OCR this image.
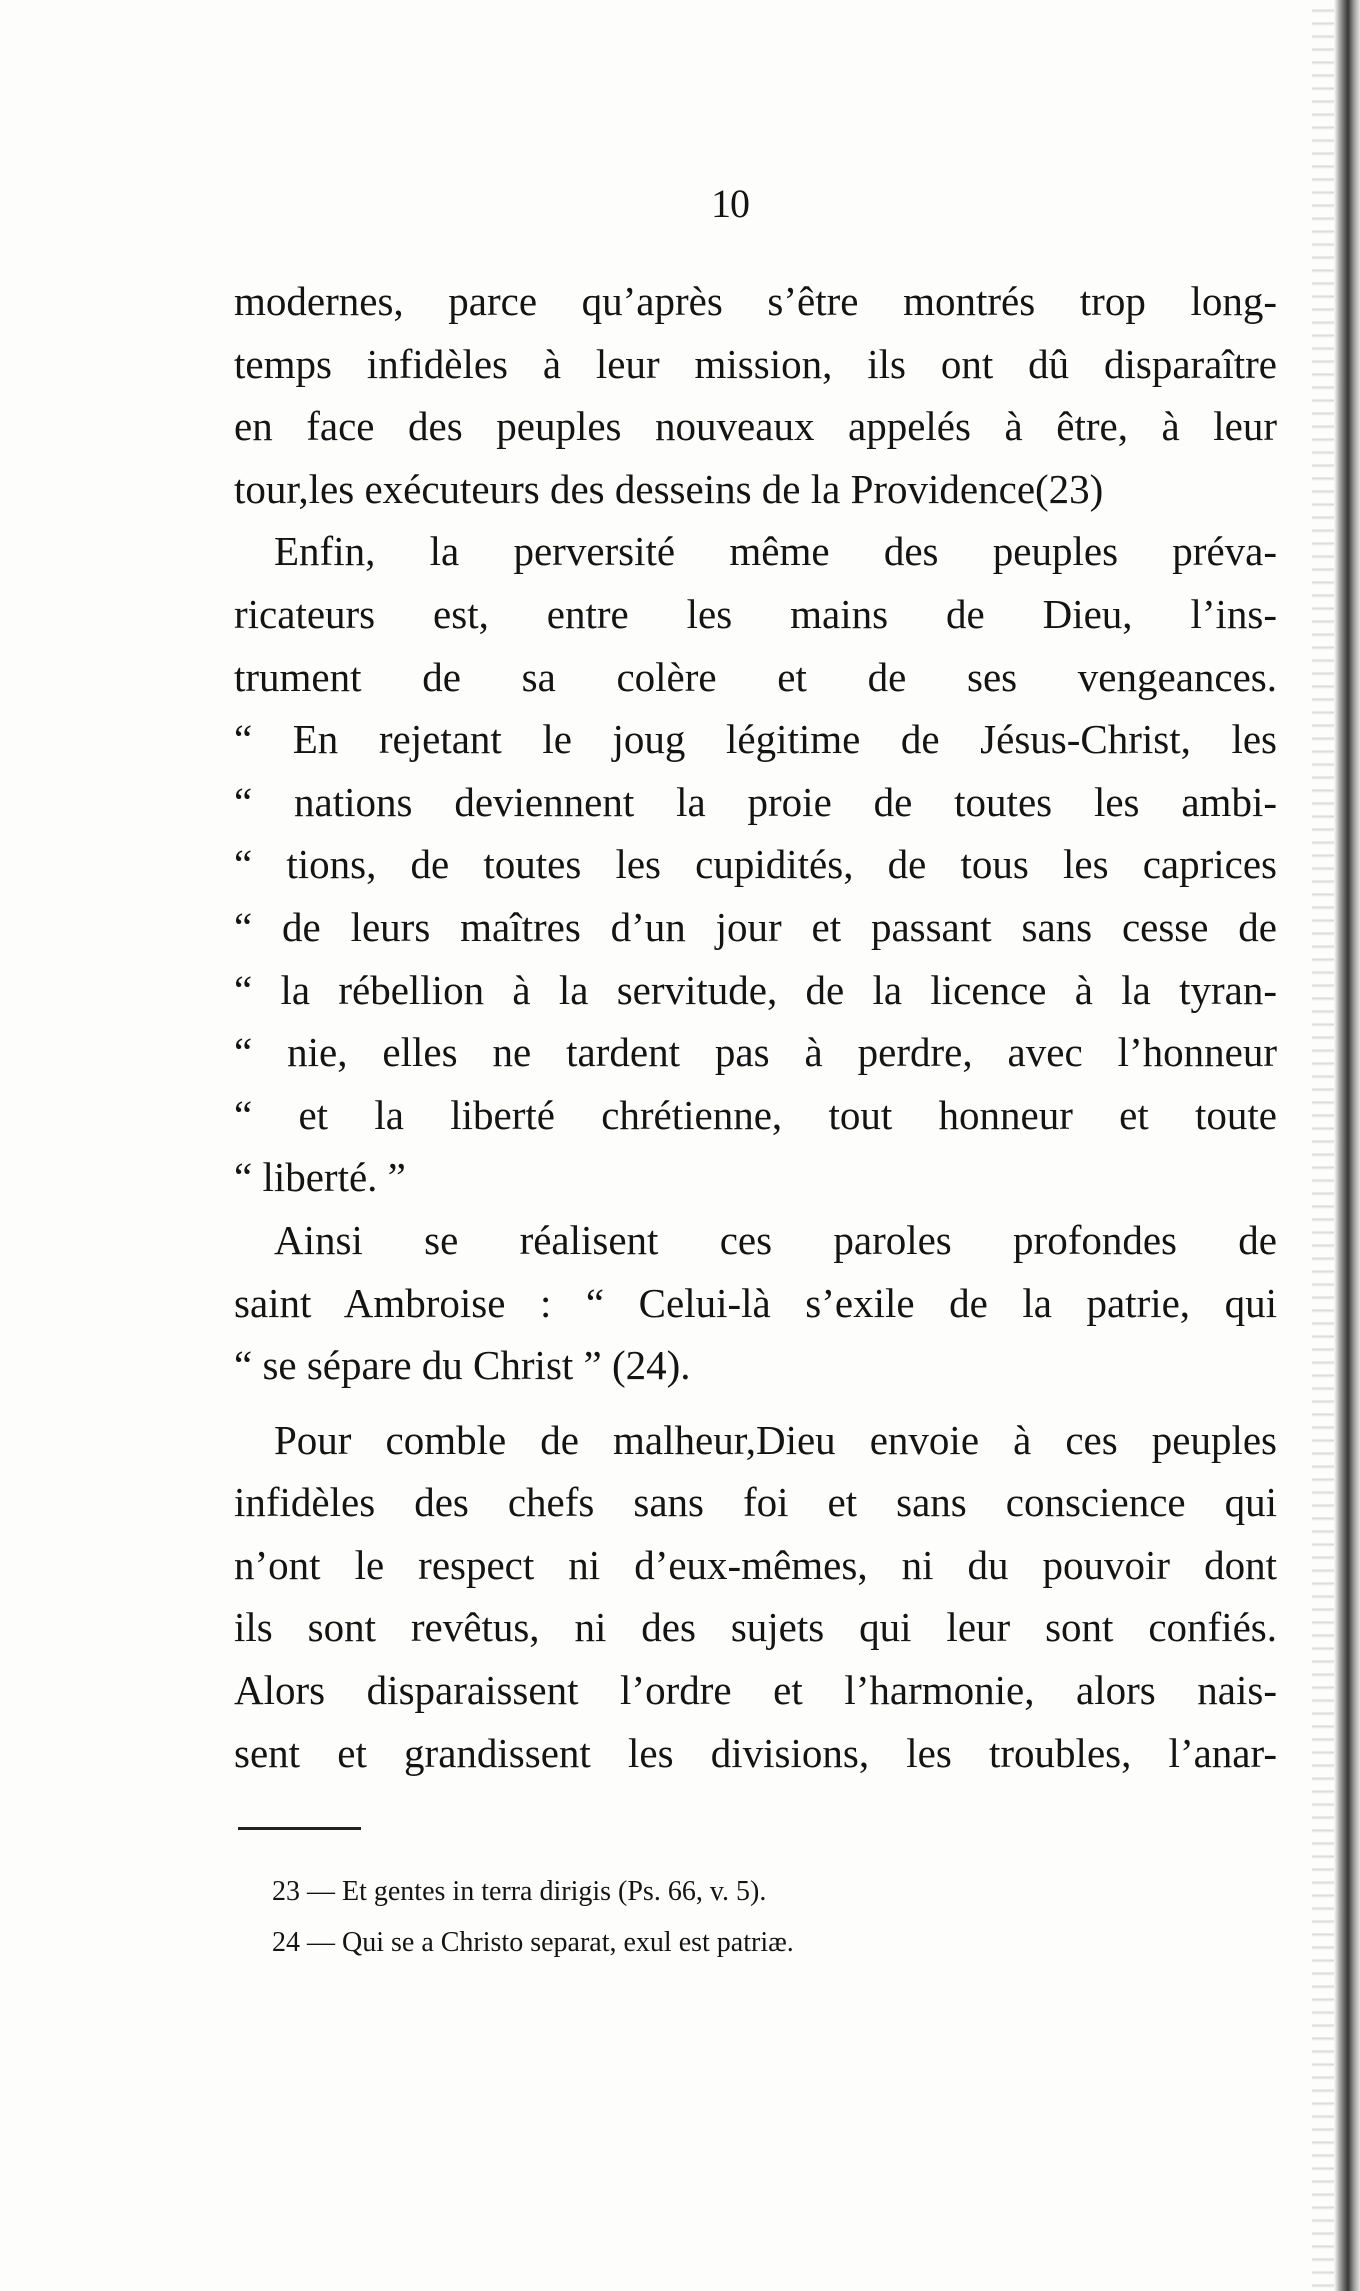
10
modernes, parce qu’après s’être montrés trop long-
temps infidèles à leur mission, ils ont dû disparaître
en face des peuples nouveaux appelés à être, à leur
tour,les exécuteurs des desseins de la Providence(23)
Enfin, la perversité même des peuples préva-
ricateurs est, entre les mains de Dieu, l’ins-
trument de sa colère et de ses vengeances.
“ En rejetant le joug légitime de Jésus-Christ, les
“ nations deviennent la proie de toutes les ambi-
“ tions, de toutes les cupidités, de tous les caprices
“ de leurs maîtres d’un jour et passant sans cesse de
“ la rébellion à la servitude, de la licence à la tyran-
“ nie, elles ne tardent pas à perdre, avec l’honneur
“ et la liberté chrétienne, tout honneur et toute
“ liberté. ”
Ainsi se réalisent ces paroles profondes de
saint Ambroise : “ Celui-là s’exile de la patrie, qui
“ se sépare du Christ ” (24).
Pour comble de malheur,Dieu envoie à ces peuples
infidèles des chefs sans foi et sans conscience qui
n’ont le respect ni d’eux-mêmes, ni du pouvoir dont
ils sont revêtus, ni des sujets qui leur sont confiés.
Alors disparaissent l’ordre et l’harmonie, alors nais-
sent et grandissent les divisions, les troubles, l’anar-
23 — Et gentes in terra dirigis (Ps. 66, v. 5).
24 — Qui se a Christo separat, exul est patriæ.
